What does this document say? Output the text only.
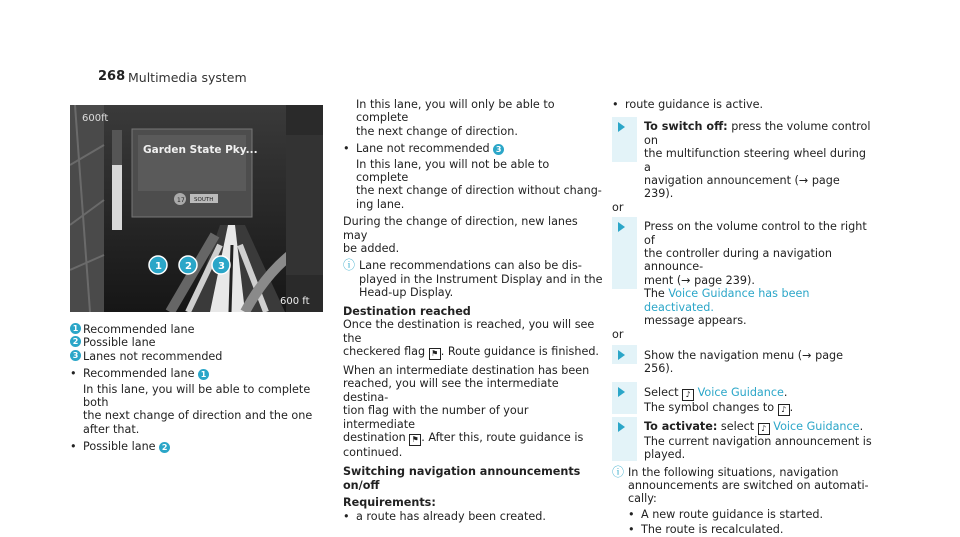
268 Multimedia system
600ft
Garden State Pky...
17 SOUTH
600 ft
1 2	3

1 Recommended lane

2 Possible lane

3 Lanes not recommended

• Recommended lane 1

In this lane, you will be able to complete both
the next change of direction and the one
after that.

• Possible lane 2

In this lane, you will only be able to complete
the next change of direction.

• Lane not recommended 3

In this lane, you will not be able to complete
the next change of direction without chang-
ing lane.

During the change of direction, new lanes may
be added.

ⓘ Lane recommendations can also be dis-
played in the Instrument Display and in the
Head-up Display.

Destination reached

Once the destination is reached, you will see the
checkered flag ⚑ . Route guidance is finished.

When an intermediate destination has been
reached, you will see the intermediate destina-
tion flag with the number of your intermediate
destination ⚑ . After this, route guidance is
continued.

Switching navigation announcements on/off

Requirements:

• a route has already been created.

• route guidance is active.

To switch off: press the volume control on
the multifunction steering wheel during a
navigation announcement (→ page 239).

or

Press on the volume control to the right of
the controller during a navigation announce-
ment (→ page 239).
The Voice Guidance has been deactivated.
message appears.

or

Show the navigation menu (→ page 256).

Select ♪ Voice Guidance.
The symbol changes to ♪ .

To activate: select ♪ Voice Guidance.
The current navigation announcement is
played.

ⓘ In the following situations, navigation
announcements are switched on automati-
cally:

• A new route guidance is started.

• The route is recalculated.
